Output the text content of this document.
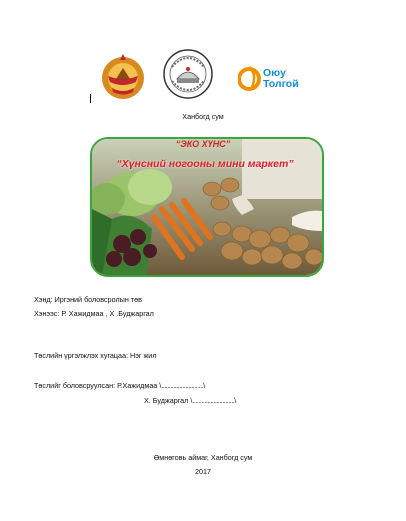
Оюу
Толгой
Ханбогд сум
“ЭКО ХҮНС”
“Хүнсний ногооны мини маркет”
Хэнд: Иргэний боловсролын төв
Хэнээс: Р. Хажидмаа , Х .Буджаргал
Төслийн үргэлжлэх хугацаа: Нэг жил
Төслийг боловсруулсан: Р.Хажидмаа \............................\
Х. Буджаргал \............................\
Өмнөговь аймаг, Ханбогд сум
2017
